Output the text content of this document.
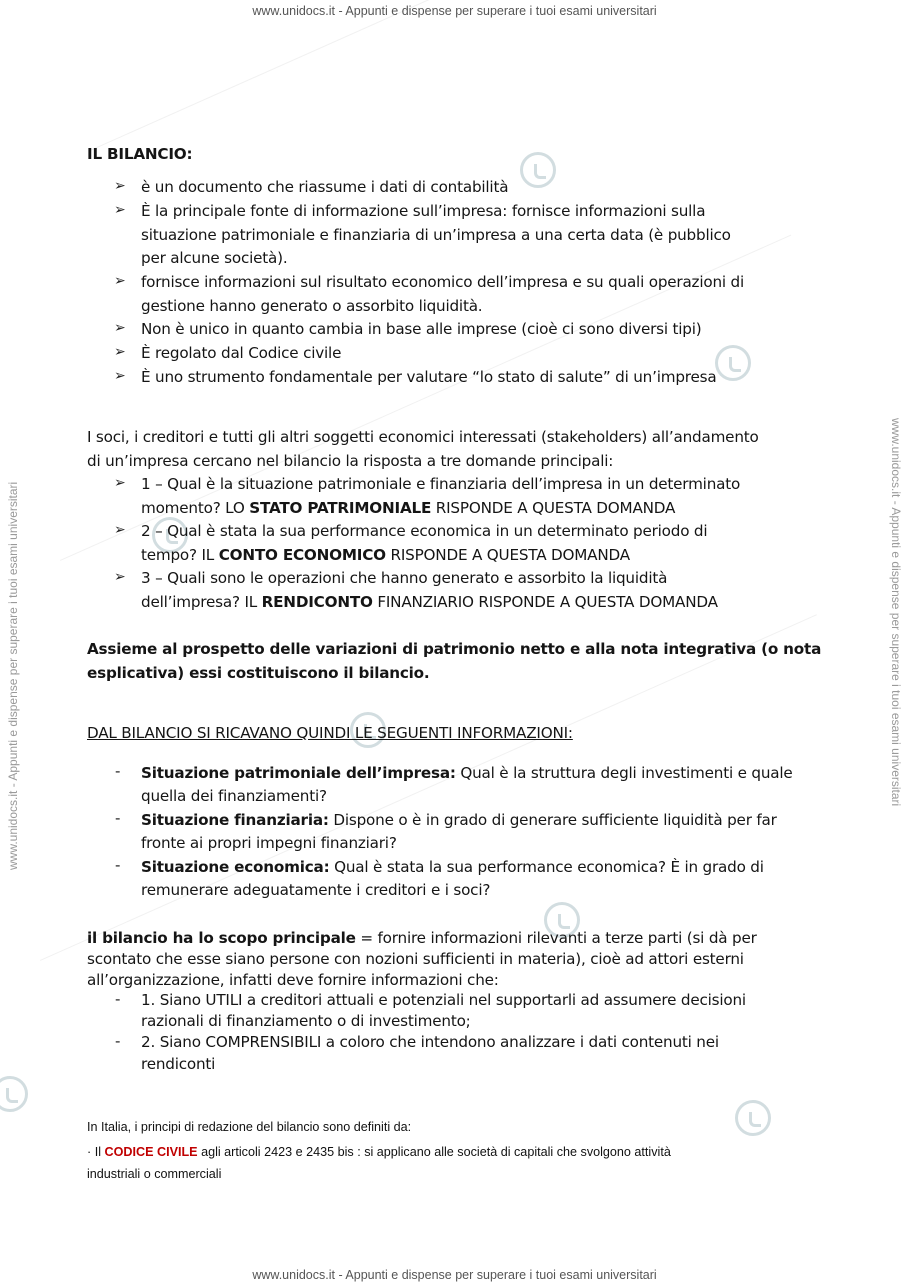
www.unidocs.it - Appunti e dispense per superare i tuoi esami universitari
www.unidocs.it - Appunti e dispense per superare i tuoi esami universitari
www.unidocs.it - Appunti e dispense per superare i tuoi esami universitari	www.unidocs.it - Appunti e dispense per superare i tuoi esami universitari
IL BILANCIO:
➢ è un documento che riassume i dati di contabilità
➢ È la principale fonte di informazione sull’impresa: fornisce informazioni sulla
situazione patrimoniale e finanziaria di un’impresa a una certa data (è pubblico
per alcune società).
➢ fornisce informazioni sul risultato economico dell’impresa e su quali operazioni di
gestione hanno generato o assorbito liquidità.
➢ Non è unico in quanto cambia in base alle imprese (cioè ci sono diversi tipi)
➢ È regolato dal Codice civile
➢ È uno strumento fondamentale per valutare “lo stato di salute” di un’impresa
I soci, i creditori e tutti gli altri soggetti economici interessati (stakeholders) all’andamento
di un’impresa cercano nel bilancio la risposta a tre domande principali:
➢ 1 – Qual è la situazione patrimoniale e finanziaria dell’impresa in un determinato
momento? LO STATO PATRIMONIALE RISPONDE A QUESTA DOMANDA
➢ 2 – Qual è stata la sua performance economica in un determinato periodo di
tempo? IL CONTO ECONOMICO RISPONDE A QUESTA DOMANDA
➢ 3 – Quali sono le operazioni che hanno generato e assorbito la liquidità
dell’impresa? IL RENDICONTO FINANZIARIO RISPONDE A QUESTA DOMANDA
Assieme al prospetto delle variazioni di patrimonio netto e alla nota integrativa (o nota
esplicativa) essi costituiscono il bilancio.
DAL BILANCIO SI RICAVANO QUINDI LE SEGUENTI INFORMAZIONI:
- Situazione patrimoniale dell’impresa: Qual è la struttura degli investimenti e quale
quella dei finanziamenti?
- Situazione finanziaria: Dispone o è in grado di generare sufficiente liquidità per far
fronte ai propri impegni finanziari?
- Situazione economica: Qual è stata la sua performance economica? È in grado di
remunerare adeguatamente i creditori e i soci?
il bilancio ha lo scopo principale = fornire informazioni rilevanti a terze parti (si dà per
scontato che esse siano persone con nozioni sufficienti in materia), cioè ad attori esterni
all’organizzazione, infatti deve fornire informazioni che:
- 1. Siano UTILI a creditori attuali e potenziali nel supportarli ad assumere decisioni
razionali di finanziamento o di investimento;
- 2. Siano COMPRENSIBILI a coloro che intendono analizzare i dati contenuti nei
rendiconti
In Italia, i principi di redazione del bilancio sono definiti da:
· Il CODICE CIVILE agli articoli 2423 e 2435 bis : si applicano alle società di capitali che svolgono attività
industriali o commerciali
